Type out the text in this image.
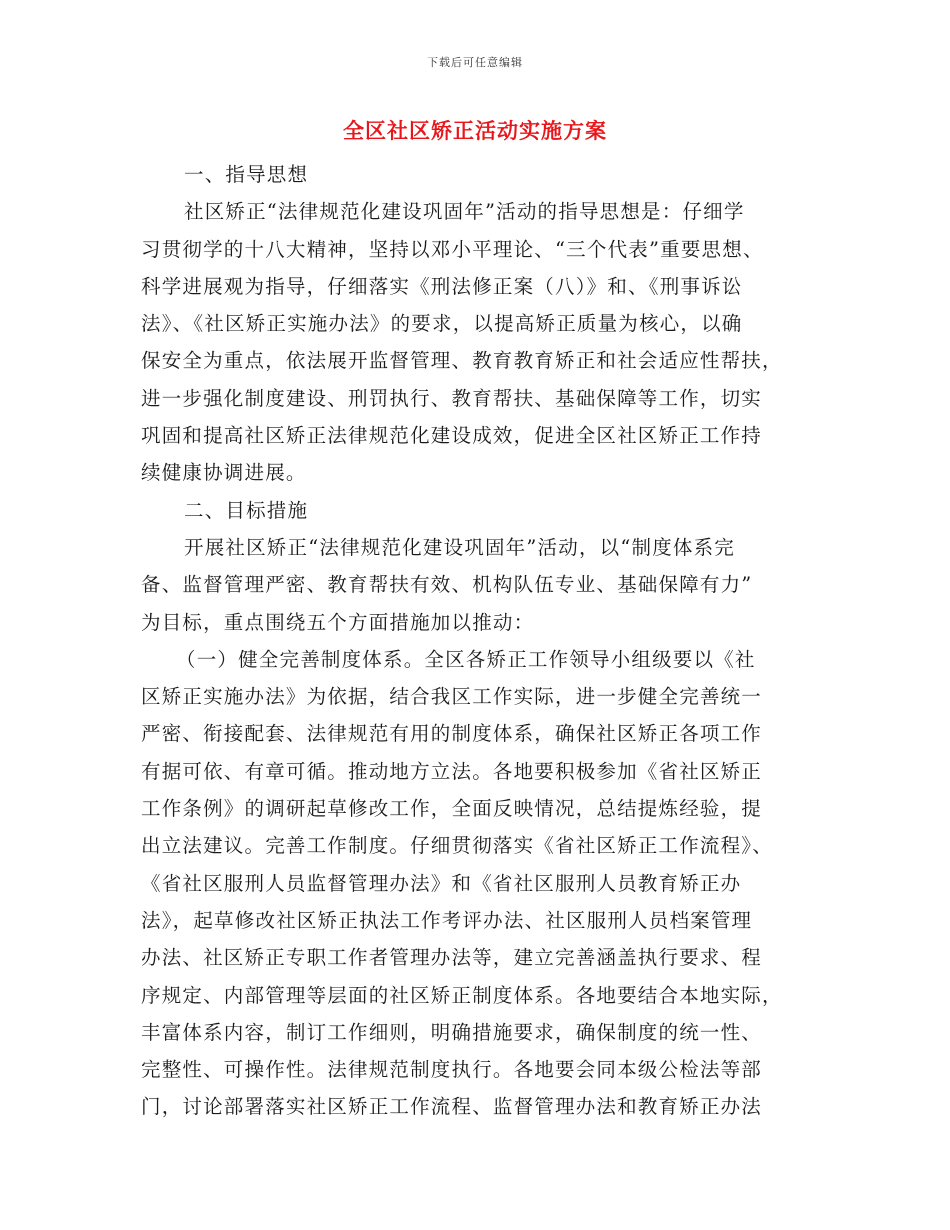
下载后可任意编辑
全区社区矫正活动实施方案
一、指导思想
社区矫正“法律规范化建设巩固年”活动的指导思想是：仔细学
习贯彻学的十八大精神，坚持以邓小平理论、“三个代表”重要思想、
科学进展观为指导，仔细落实《刑法修正案（八）》和、《刑事诉讼
法》、《社区矫正实施办法》的要求，以提高矫正质量为核心，以确
保安全为重点，依法展开监督管理、教育教育矫正和社会适应性帮扶，
进一步强化制度建设、刑罚执行、教育帮扶、基础保障等工作，切实
巩固和提高社区矫正法律规范化建设成效，促进全区社区矫正工作持
续健康协调进展。
二、目标措施
开展社区矫正“法律规范化建设巩固年”活动，以“制度体系完
备、监督管理严密、教育帮扶有效、机构队伍专业、基础保障有力”
为目标，重点围绕五个方面措施加以推动：
（一）健全完善制度体系。全区各矫正工作领导小组级要以《社
区矫正实施办法》为依据，结合我区工作实际，进一步健全完善统一
严密、衔接配套、法律规范有用的制度体系，确保社区矫正各项工作
有据可依、有章可循。推动地方立法。各地要积极参加《省社区矫正
工作条例》的调研起草修改工作，全面反映情况，总结提炼经验，提
出立法建议。完善工作制度。仔细贯彻落实《省社区矫正工作流程》、
《省社区服刑人员监督管理办法》和《省社区服刑人员教育矫正办
法》，起草修改社区矫正执法工作考评办法、社区服刑人员档案管理
办法、社区矫正专职工作者管理办法等，建立完善涵盖执行要求、程
序规定、内部管理等层面的社区矫正制度体系。各地要结合本地实际，
丰富体系内容，制订工作细则，明确措施要求，确保制度的统一性、
完整性、可操作性。法律规范制度执行。各地要会同本级公检法等部
门，讨论部署落实社区矫正工作流程、监督管理办法和教育矫正办法
